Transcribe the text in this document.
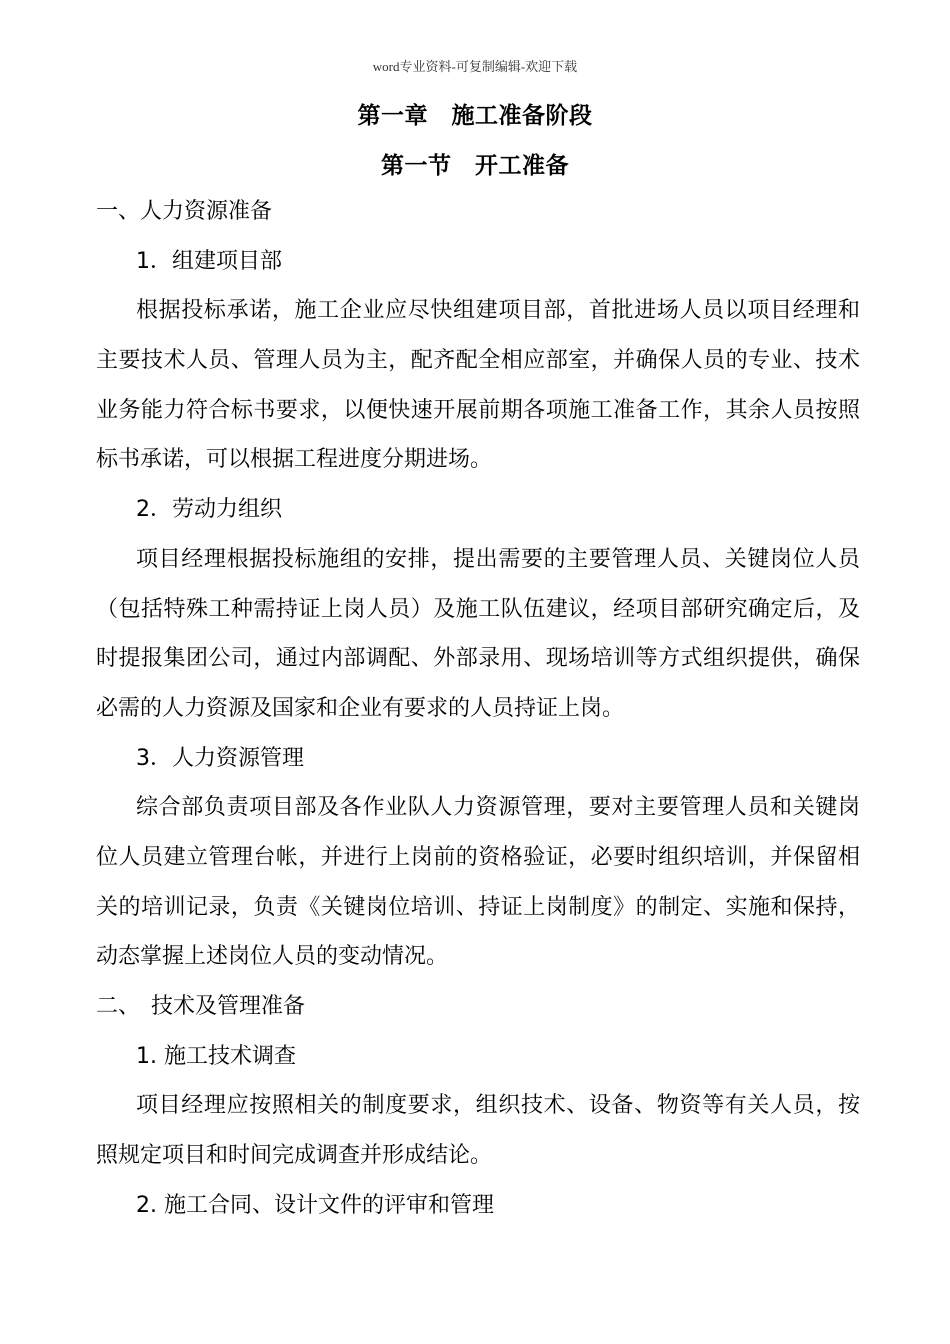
word专业资料-可复制编辑-欢迎下载
第一章　施工准备阶段
第一节　开工准备
一、人力资源准备
1．组建项目部
根据投标承诺，施工企业应尽快组建项目部，首批进场人员以项目经理和
主要技术人员、管理人员为主，配齐配全相应部室，并确保人员的专业、技术
业务能力符合标书要求，以便快速开展前期各项施工准备工作，其余人员按照
标书承诺，可以根据工程进度分期进场。
2．劳动力组织
项目经理根据投标施组的安排，提出需要的主要管理人员、关键岗位人员
（包括特殊工种需持证上岗人员）及施工队伍建议，经项目部研究确定后，及
时提报集团公司，通过内部调配、外部录用、现场培训等方式组织提供，确保
必需的人力资源及国家和企业有要求的人员持证上岗。
3．人力资源管理
综合部负责项目部及各作业队人力资源管理，要对主要管理人员和关键岗
位人员建立管理台帐，并进行上岗前的资格验证，必要时组织培训，并保留相
关的培训记录，负责《关键岗位培训、持证上岗制度》的制定、实施和保持，
动态掌握上述岗位人员的变动情况。
二、　技术及管理准备
1. 施工技术调查
项目经理应按照相关的制度要求，组织技术、设备、物资等有关人员，按
照规定项目和时间完成调查并形成结论。
2. 施工合同、设计文件的评审和管理
